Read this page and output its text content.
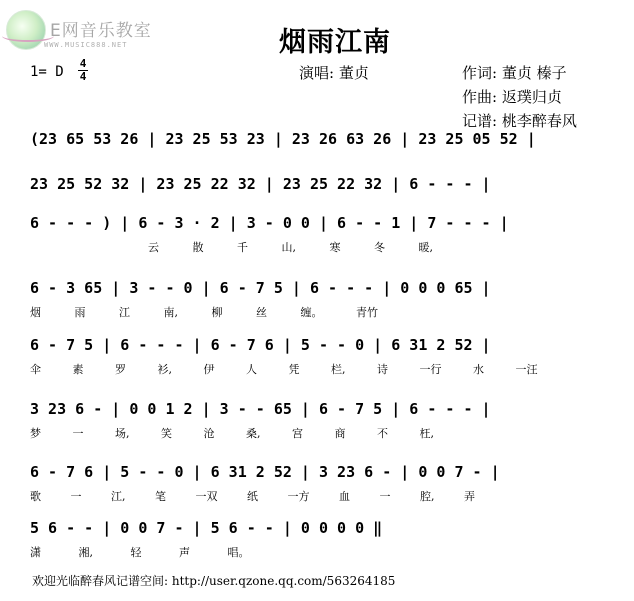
E网音乐教室
WWW.MUSIC888.NET	烟雨江南
1= D
4
4	演唱: 董贞	作词: 董贞 榛子
作曲: 返璞归贞
记谱: 桃李醉春风
(23 65 53 26 | 23 25 53 23 | 23 26 63 26 | 23 25 05 52 |
23 25 52 32 | 23 25 22 32 | 23 25 22 32 | 6 - - - |
6 - - - ) | 6 - 3 · 2 | 3 - 0 0 | 6 - - 1 | 7 - - - |
云 散 千 山, 寒 冬 暖,
6 - 3 65 | 3 - - 0 | 6 - 7 5 | 6 - - - | 0 0 0 65 |
烟 雨 江 南, 柳 丝 缠。 青竹
6 - 7 5 | 6 - - - | 6 - 7 6 | 5 - - 0 | 6 31 2 52 |
伞 素 罗 衫, 伊 人 凭 栏, 诗 一行 水 一汪
3 23 6 - | 0 0 1 2 | 3 - - 65 | 6 - 7 5 | 6 - - - |
梦 一 场, 笑 沧 桑, 宫 商 不 枉,
6 - 7 6 | 5 - - 0 | 6 31 2 52 | 3 23 6 - | 0 0 7 - |
歌 一 江, 笔 一双 纸 一方 血 一 腔, 弄
5 6 - - | 0 0 7 - | 5 6 - - | 0 0 0 0 ‖
潇 湘, 轻 声 唱。
欢迎光临醉春风记谱空间: http://user.qzone.qq.com/563264185
